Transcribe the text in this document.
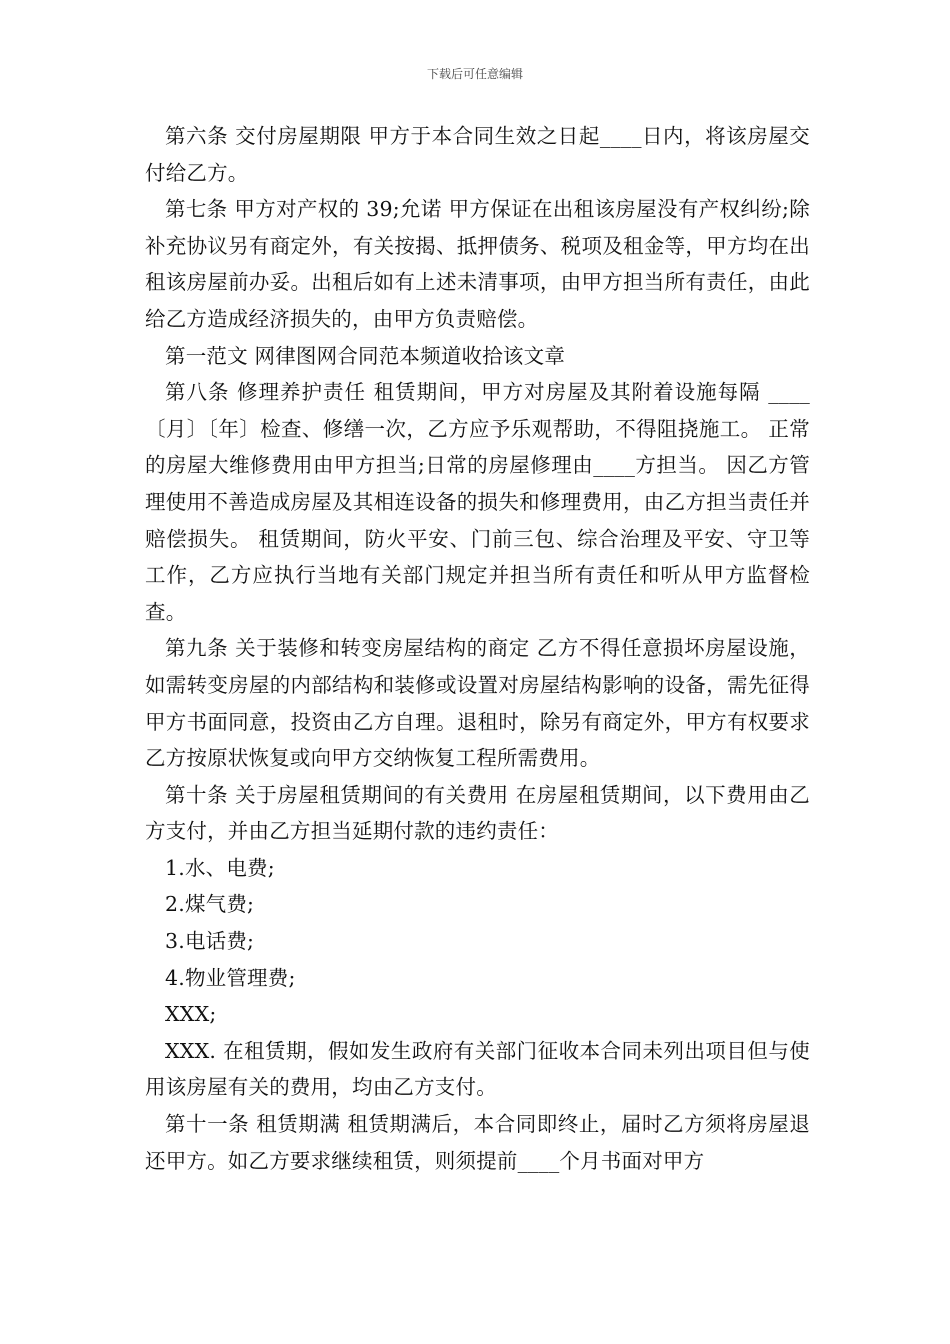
下载后可任意编辑

第六条 交付房屋期限 甲方于本合同生效之日起____日内，将该房屋交付给乙方。

第七条 甲方对产权的 39;允诺 甲方保证在出租该房屋没有产权纠纷;除补充协议另有商定外，有关按揭、抵押债务、税项及租金等，甲方均在出租该房屋前办妥。出租后如有上述未清事项，由甲方担当所有责任，由此给乙方造成经济损失的，由甲方负责赔偿。

第一范文 网律图网合同范本频道收拾该文章

第八条 修理养护责任 租赁期间，甲方对房屋及其附着设施每隔 ____〔月〕〔年〕检查、修缮一次，乙方应予乐观帮助，不得阻挠施工。 正常的房屋大维修费用由甲方担当;日常的房屋修理由____方担当。 因乙方管理使用不善造成房屋及其相连设备的损失和修理费用，由乙方担当责任并赔偿损失。 租赁期间，防火平安、门前三包、综合治理及平安、守卫等工作，乙方应执行当地有关部门规定并担当所有责任和听从甲方监督检查。

第九条 关于装修和转变房屋结构的商定 乙方不得任意损坏房屋设施，如需转变房屋的内部结构和装修或设置对房屋结构影响的设备，需先征得甲方书面同意，投资由乙方自理。退租时，除另有商定外，甲方有权要求乙方按原状恢复或向甲方交纳恢复工程所需费用。

第十条 关于房屋租赁期间的有关费用 在房屋租赁期间，以下费用由乙方支付，并由乙方担当延期付款的违约责任：

1.水、电费;

2.煤气费;

3.电话费;

4.物业管理费;

XXX;

XXX. 在租赁期，假如发生政府有关部门征收本合同未列出项目但与使用该房屋有关的费用，均由乙方支付。

第十一条 租赁期满 租赁期满后，本合同即终止，届时乙方须将房屋退还甲方。如乙方要求继续租赁，则须提前____个月书面对甲方
